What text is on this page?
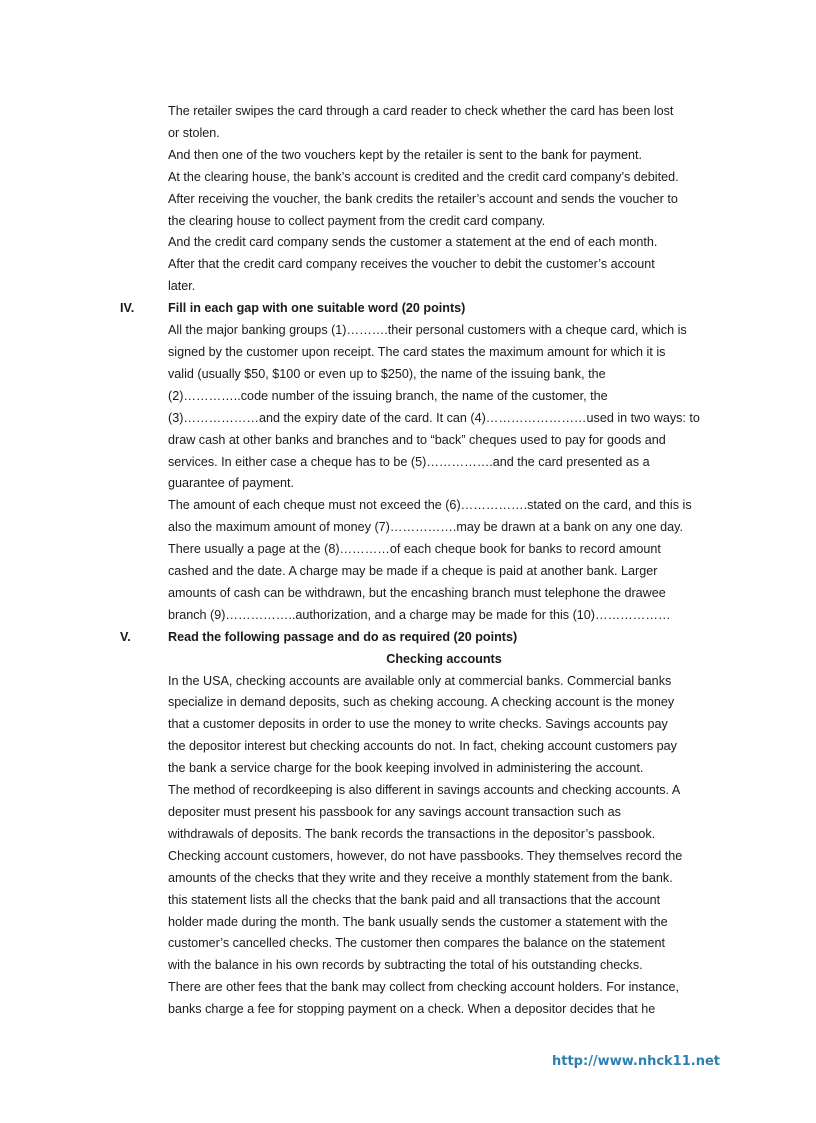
The retailer swipes the card through a card reader to check whether the card has been lost
or stolen.
And then one of the two vouchers kept by the retailer is sent to the bank for payment.
At the clearing house, the bank’s account is credited and the credit card company’s debited.
After receiving the voucher, the bank credits the retailer’s account and sends the voucher to
the clearing house to collect payment from the credit card company.
And the credit card company sends the customer a statement at the end of each month.
After that the credit card company receives the voucher to debit the customer’s account
later.
IV.	Fill in each gap with one suitable word (20 points)
All the major banking groups (1)……….their personal customers with a cheque card, which is
signed by the customer upon receipt. The card states the maximum amount for which it is
valid (usually $50, $100 or even up to $250), the name of the issuing bank, the
(2)…………..code number of the issuing branch, the name of the customer, the
(3)………………and the expiry date of the card. It can (4)……………………used in two ways: to
draw cash at other banks and branches and to “back” cheques used to pay for goods and
services. In either case a cheque has to be (5)…………….and the card presented as a
guarantee of payment.
The amount of each cheque must not exceed the (6)…………….stated on the card, and this is
also the maximum amount of money (7)…………….may be drawn at a bank on any one day.
There usually a page at the (8)…………of each cheque book for banks to record amount
cashed and the date. A charge may be made if a cheque is paid at another bank. Larger
amounts of cash can be withdrawn, but the encashing branch must telephone the drawee
branch (9)……………..authorization, and a charge may be made for this (10)………………
V.	Read the following passage and do as required (20 points)
Checking accounts
In the USA, checking accounts are available only at commercial banks. Commercial banks
specialize in demand deposits, such as cheking accoung. A checking account is the money
that a customer deposits in order to use the money to write checks. Savings accounts pay
the depositor interest but checking accounts do not. In fact, cheking account customers pay
the bank a service charge for the book keeping involved in administering the account.
The method of recordkeeping is also different in savings accounts and checking accounts. A
depositer must present his passbook for any savings account transaction such as
withdrawals of deposits. The bank records the transactions in the depositor’s passbook.
Checking account customers, however, do not have passbooks. They themselves record the
amounts of the checks that they write and they receive a monthly statement from the bank.
this statement lists all the checks that the bank paid and all transactions that the account
holder made during the month. The bank usually sends the customer a statement with the
customer’s cancelled checks. The customer then compares the balance on the statement
with the balance in his own records by subtracting the total of his outstanding checks.
There are other fees that the bank may collect from checking account holders. For instance,
banks charge a fee for stopping payment on a check. When a depositor decides that he
http://www.nhck11.net
